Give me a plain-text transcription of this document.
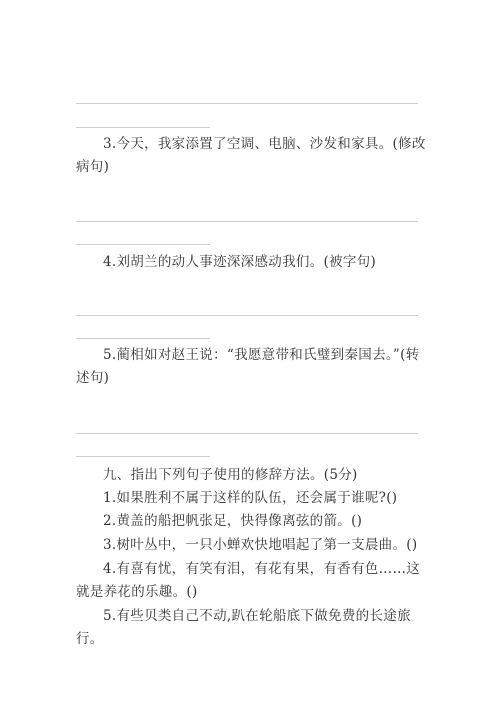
3.今天，我家添置了空调、电脑、沙发和家具。(修改病句)
4.刘胡兰的动人事迹深深感动我们。(被字句)
5.蔺相如对赵王说：“我愿意带和氏璧到秦国去。”(转述句)
九、指出下列句子使用的修辞方法。(5分)
1.如果胜利不属于这样的队伍，还会属于谁呢?()
2.黄盖的船把帆张足，快得像离弦的箭。()
3.树叶丛中，一只小蝉欢快地唱起了第一支晨曲。()
4.有喜有忧，有笑有泪，有花有果，有香有色……这就是养花的乐趣。()
5.有些贝类自己不动,趴在轮船底下做免费的长途旅行。
